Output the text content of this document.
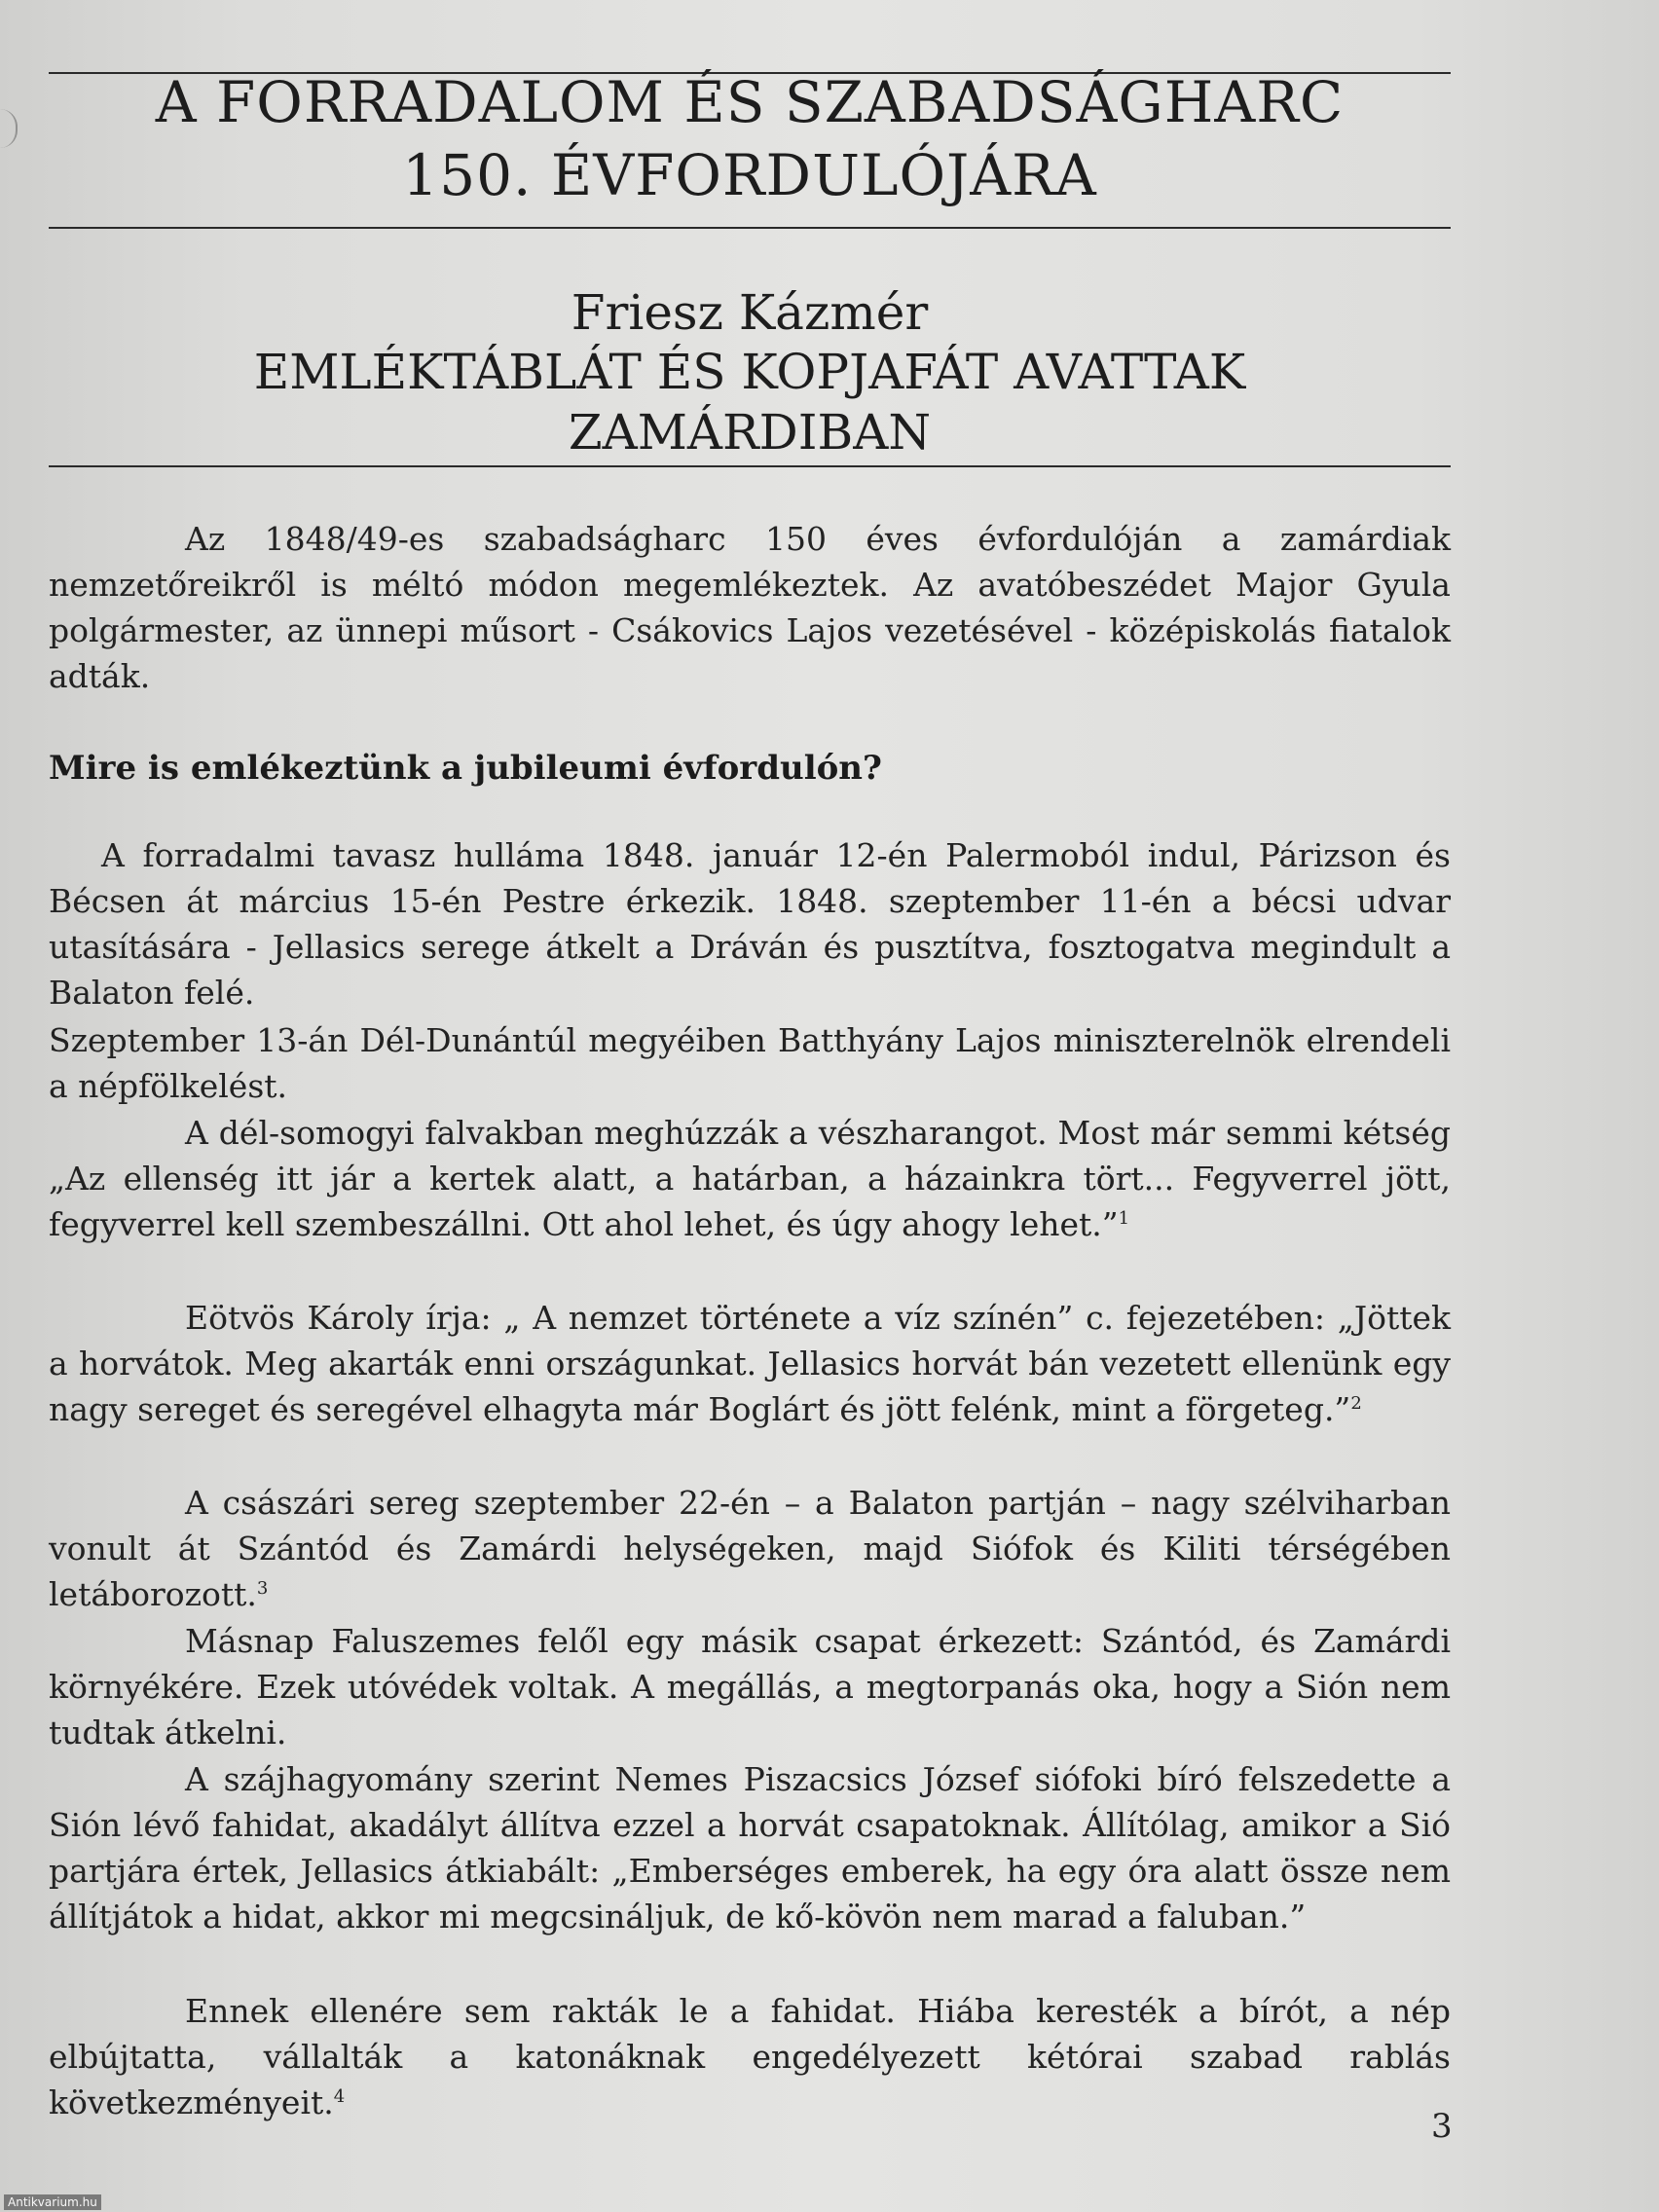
A FORRADALOM ÉS SZABADSÁGHARC
150. ÉVFORDULÓJÁRA
Friesz Kázmér
EMLÉKTÁBLÁT ÉS KOPJAFÁT AVATTAK
ZAMÁRDIBAN

Az 1848/49-es szabadságharc 150 éves évfordulóján a zamárdiak nemzetőreikről is méltó módon megemlékeztek. Az avatóbeszédet Major Gyula polgármester, az ünnepi műsort - Csákovics Lajos vezetésével - középiskolás fiatalok adták.

Mire is emlékeztünk a jubileumi évfordulón?

A forradalmi tavasz hulláma 1848. január 12-én Palermoból indul, Párizson és Bécsen át március 15-én Pestre érkezik. 1848. szeptember 11-én a bécsi udvar utasítására - Jellasics serege átkelt a Dráván és pusztítva, fosztogatva megindult a Balaton felé.

Szeptember 13-án Dél-Dunántúl megyéiben Batthyány Lajos miniszterelnök elrendeli a népfölkelést.

A dél-somogyi falvakban meghúzzák a vészharangot. Most már semmi kétség „Az ellenség itt jár a kertek alatt, a határban, a házainkra tört... Fegyverrel jött, fegyverrel kell szembeszállni. Ott ahol lehet, és úgy ahogy lehet.”$^1$

Eötvös Károly írja: „ A nemzet története a víz színén” c. fejezetében: „Jöttek a horvátok. Meg akarták enni országunkat. Jellasics horvát bán vezetett ellenünk egy nagy sereget és seregével elhagyta már Boglárt és jött felénk, mint a förgeteg.”$^2$

A császári sereg szeptember 22-én – a Balaton partján – nagy szélviharban vonult át Szántód és Zamárdi helységeken, majd Siófok és Kiliti térségében letáborozott.$^3$

Másnap Faluszemes felől egy másik csapat érkezett: Szántód, és Zamárdi környékére. Ezek utóvédek voltak. A megállás, a megtorpanás oka, hogy a Sión nem tudtak átkelni.

A szájhagyomány szerint Nemes Piszacsics József siófoki bíró felszedette a Sión lévő fahidat, akadályt állítva ezzel a horvát csapatoknak. Állítólag, amikor a Sió partjára értek, Jellasics átkiabált: „Emberséges emberek, ha egy óra alatt össze nem állítjátok a hidat, akkor mi megcsináljuk, de kő-kövön nem marad a faluban.”

Ennek ellenére sem rakták le a fahidat. Hiába keresték a bírót, a nép elbújtatta, vállalták a katonáknak engedélyezett kétórai szabad rablás következményeit.$^4$

3
Antikvarium.hu
